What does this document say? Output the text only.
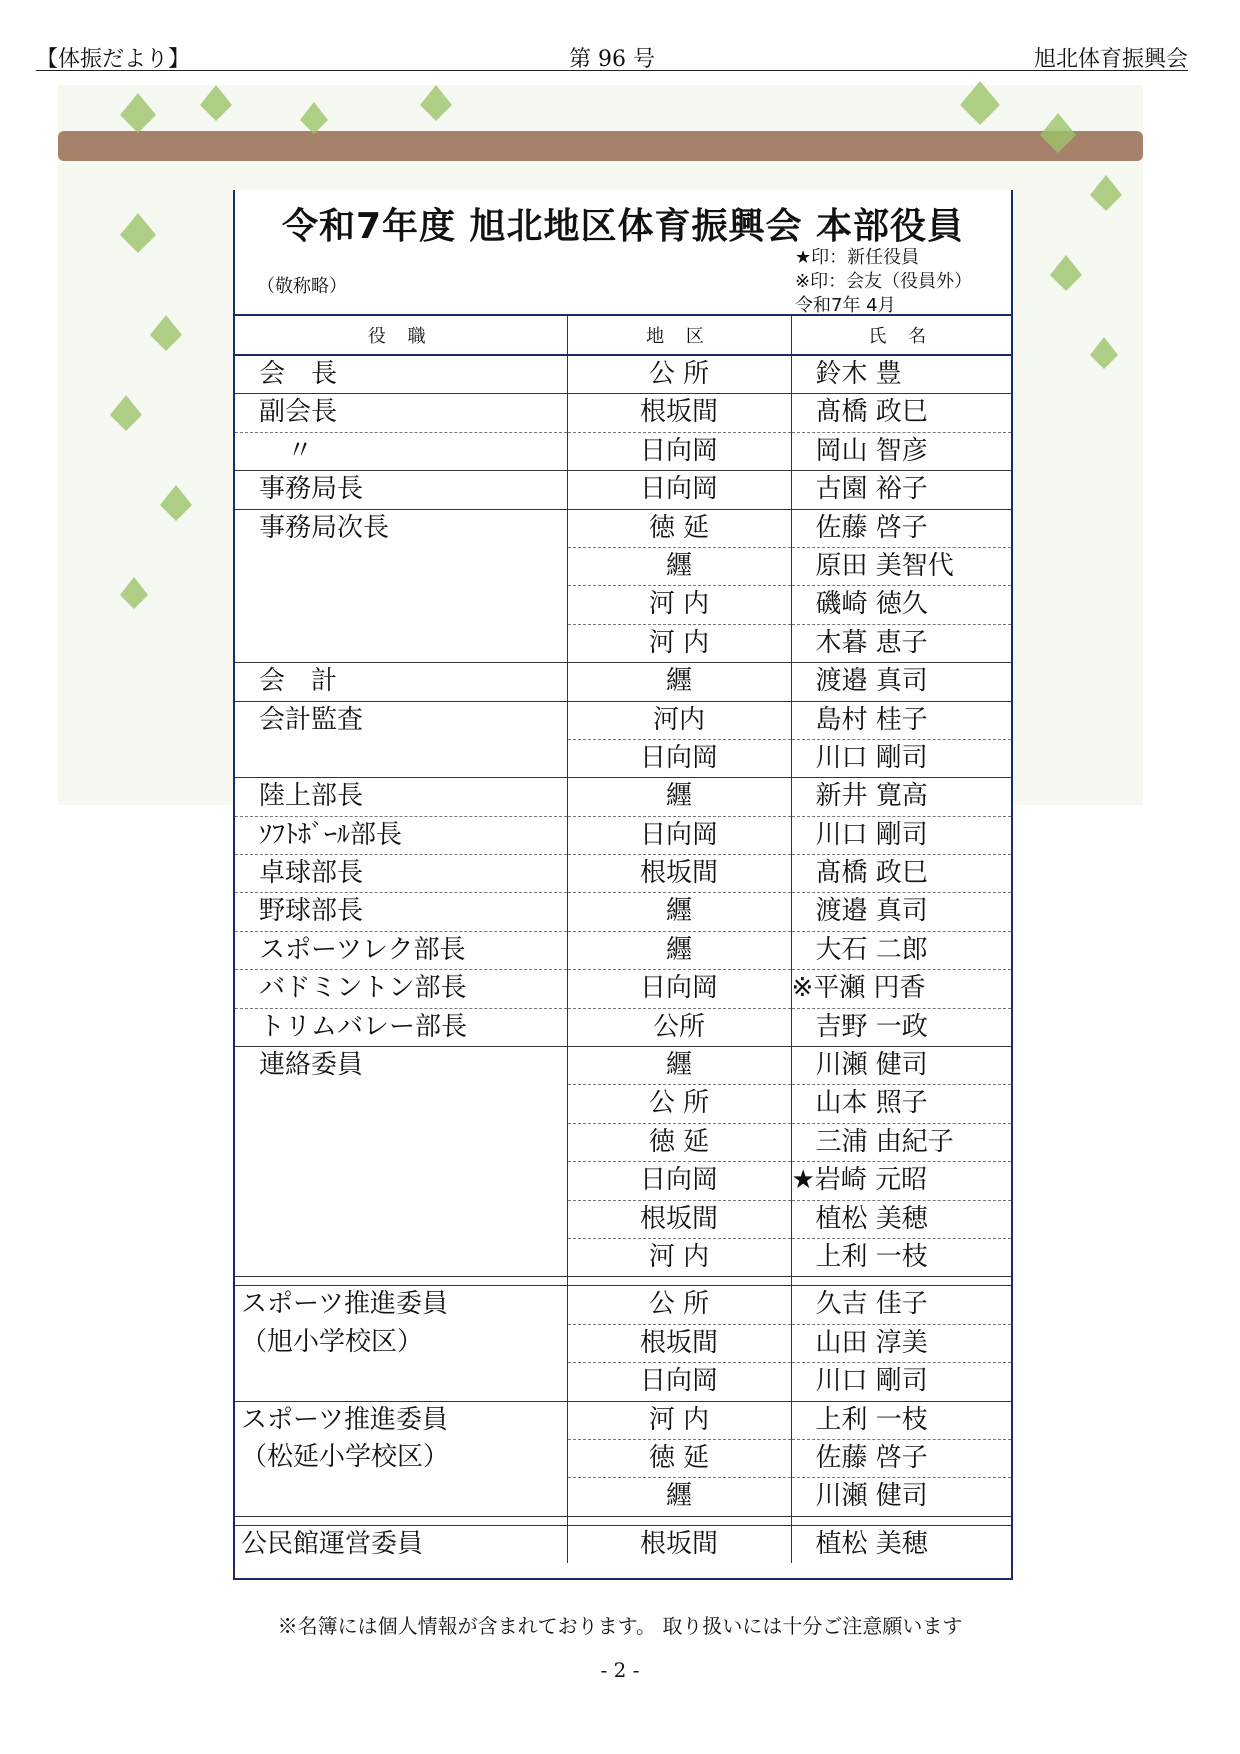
【体振だより】	第 96 号	旭北体育振興会
令和7年度 旭北地区体育振興会 本部役員
（敬称略）
★印：新任役員
※印：会友（役員外）
令和7年 4月
役 職	地 区	氏 名
会　長	公 所	鈴木 豊
副会長	根坂間	髙橋 政巳
〃	日向岡	岡山 智彦
事務局長	日向岡	古園 裕子
事務局次長	徳 延	佐藤 啓子
	纒	原田 美智代
	河 内	磯崎 徳久
	河 内	木暮 恵子
会　計	纒	渡邉 真司
会計監査	河内	島村 桂子
	日向岡	川口 剛司
陸上部長	纒	新井 寛高
ｿﾌﾄﾎﾞｰﾙ部長	日向岡	川口 剛司
卓球部長	根坂間	髙橋 政巳
野球部長	纒	渡邉 真司
スポーツレク部長	纒	大石 二郎
バドミントン部長	日向岡	※平瀬 円香
トリムバレー部長	公所	吉野 一政
連絡委員	纒	川瀬 健司
	公 所	山本 照子
	徳 延	三浦 由紀子
	日向岡	★岩崎 元昭
	根坂間	植松 美穂
	河 内	上利 一枝

スポーツ推進委員	公 所	久吉 佳子
（旭小学校区）	根坂間	山田 淳美
	日向岡	川口 剛司
スポーツ推進委員	河 内	上利 一枝
（松延小学校区）	徳 延	佐藤 啓子
	纒	川瀬 健司

公民館運営委員	根坂間	植松 美穂
※名簿には個人情報が含まれております。 取り扱いには十分ご注意願います
- 2 -
